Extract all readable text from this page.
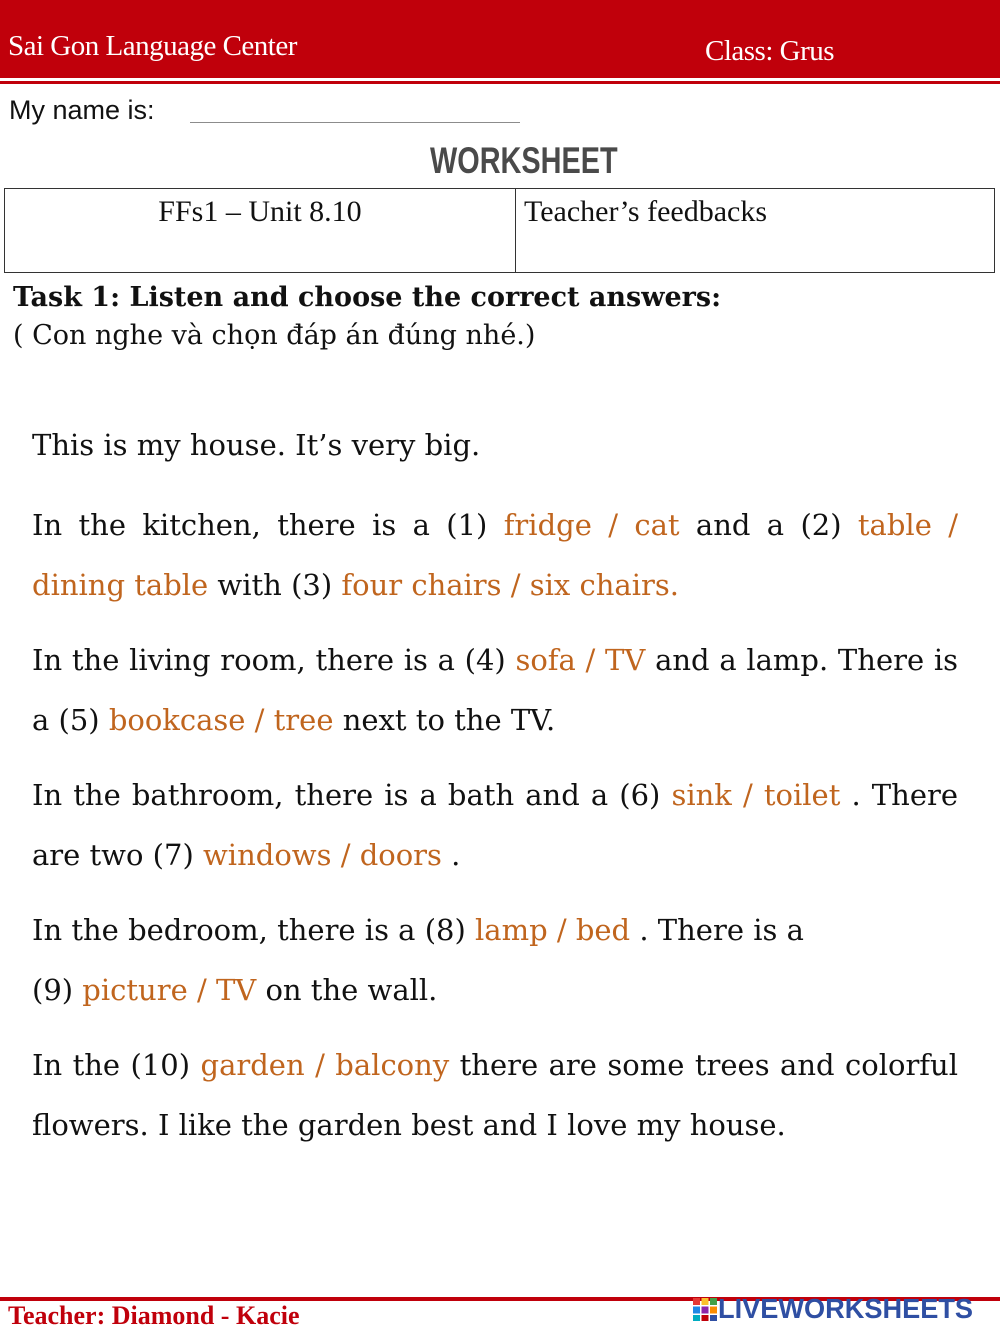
Sai Gon Language Center	Class: Grus
My name is:
WORKSHEET
FFs1 – Unit 8.10	Teacher’s feedbacks
Task 1: Listen and choose the correct answers:
( Con nghe và chọn đáp án đúng nhé.)

This is my house. It’s very big.

In the kitchen, there is a (1) fridge / cat and a (2) table / dining table with (3) four chairs / six chairs.

In the living room, there is a (4) sofa / TV and a lamp. There is a (5) bookcase / tree next to the TV.

In the bathroom, there is a bath and a (6) sink / toilet . There are two (7) windows / doors .

In the bedroom, there is a (8) lamp / bed . There is a
(9) picture / TV on the wall.

In the (10) garden / balcony there are some trees and colorful flowers. I like the garden best and I love my house.

Teacher: Diamond - Kacie	LIVEWORKSHEETS
